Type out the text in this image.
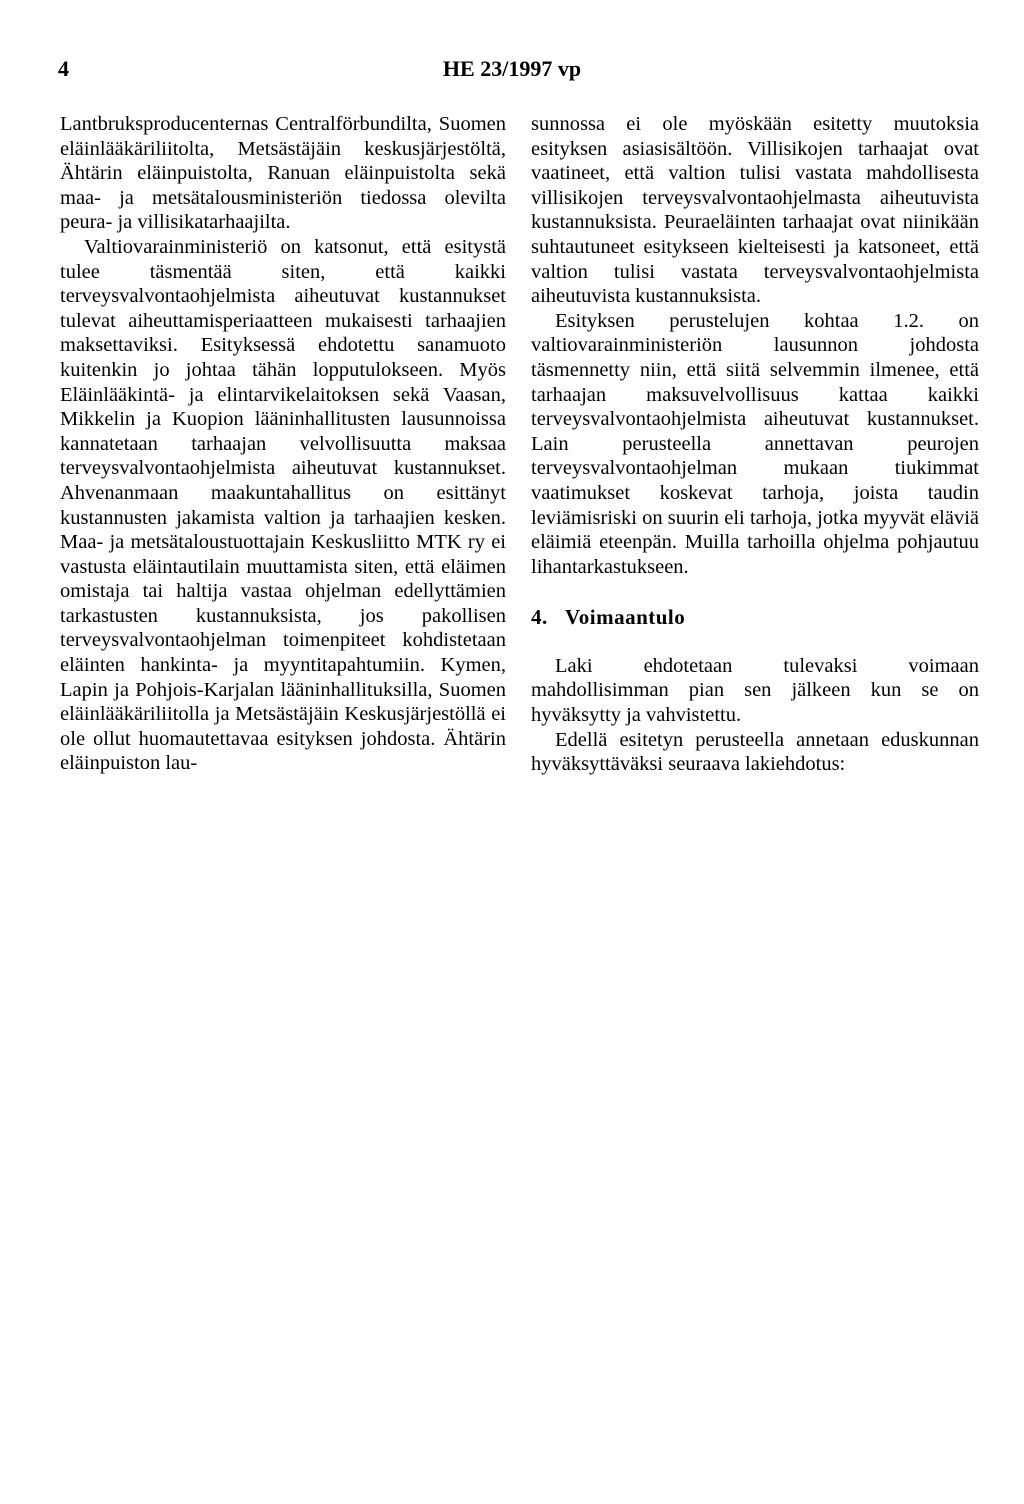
4	HE 23/1997 vp

Lantbruksproducenternas Centralförbundilta, Suomen eläinlääkäriliitolta, Metsästäjäin keskusjärjestöltä, Ähtärin eläinpuistolta, Ranuan eläinpuistolta sekä maa- ja metsätalousministeriön tiedossa olevilta peura- ja villisikatarhaajilta.

Valtiovarainministeriö on katsonut, että esitystä tulee täsmentää siten, että kaikki terveysvalvontaohjelmista aiheutuvat kustannukset tulevat aiheuttamisperiaatteen mukaisesti tarhaajien maksettaviksi. Esityksessä ehdotettu sanamuoto kuitenkin jo johtaa tähän lopputulokseen. Myös Eläinlääkintä- ja elintarvikelaitoksen sekä Vaasan, Mikkelin ja Kuopion lääninhallitusten lausunnoissa kannatetaan tarhaajan velvollisuutta maksaa terveysvalvontaohjelmista aiheutuvat kustannukset. Ahvenanmaan maakuntahallitus on esittänyt kustannusten jakamista valtion ja tarhaajien kesken. Maa- ja metsätaloustuottajain Keskusliitto MTK ry ei vastusta eläintautilain muuttamista siten, että eläimen omistaja tai haltija vastaa ohjelman edellyttämien tarkastusten kustannuksista, jos pakollisen terveysvalvontaohjelman toimenpiteet kohdistetaan eläinten hankinta- ja myyntitapahtumiin. Kymen, Lapin ja Pohjois-Karjalan lääninhallituksilla, Suomen eläinlääkäriliitolla ja Metsästäjäin Keskusjärjestöllä ei ole ollut huomautettavaa esityksen johdosta. Ähtärin eläinpuiston lau-

sunnossa ei ole myöskään esitetty muutoksia esityksen asiasisältöön. Villisikojen tarhaajat ovat vaatineet, että valtion tulisi vastata mahdollisesta villisikojen terveysvalvontaohjelmasta aiheutuvista kustannuksista. Peuraeläinten tarhaajat ovat niinikään suhtautuneet esitykseen kielteisesti ja katsoneet, että valtion tulisi vastata terveysvalvontaohjelmista aiheutuvista kustannuksista.

Esityksen perustelujen kohtaa 1.2. on valtiovarainministeriön lausunnon johdosta täsmennetty niin, että siitä selvemmin ilmenee, että tarhaajan maksuvelvollisuus kattaa kaikki terveysvalvontaohjelmista aiheutuvat kustannukset. Lain perusteella annettavan peurojen terveysvalvontaohjelman mukaan tiukimmat vaatimukset koskevat tarhoja, joista taudin leviämisriski on suurin eli tarhoja, jotka myyvät eläviä eläimiä eteenpän. Muilla tarhoilla ohjelma pohjautuu lihantarkastukseen.

4. Voimaantulo

Laki ehdotetaan tulevaksi voimaan mahdollisimman pian sen jälkeen kun se on hyväksytty ja vahvistettu.

Edellä esitetyn perusteella annetaan eduskunnan hyväksyttäväksi seuraava lakiehdotus:
